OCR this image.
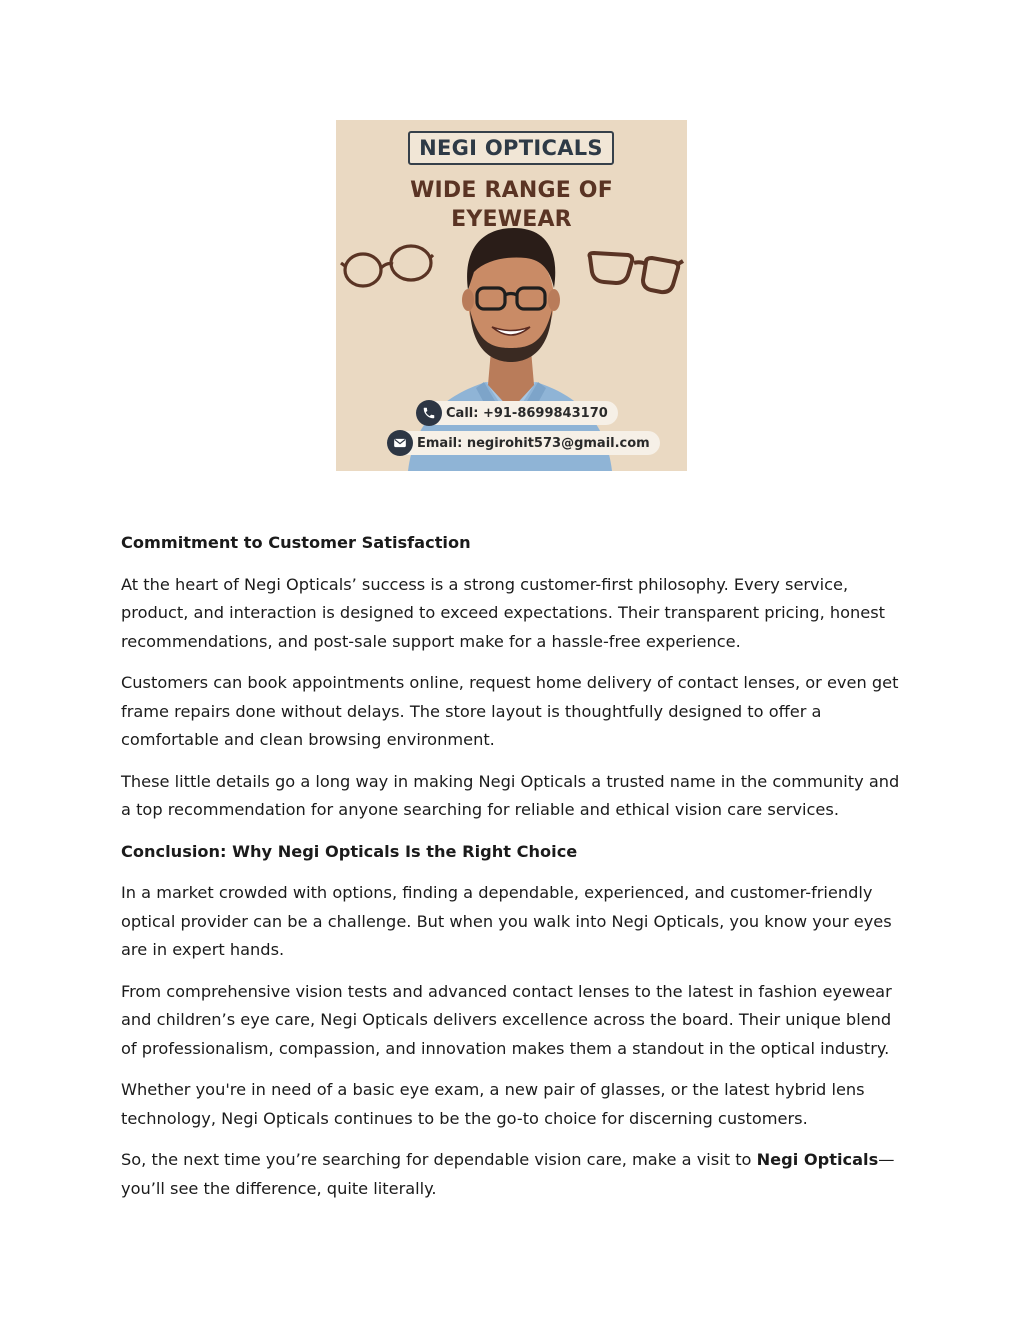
NEGI OPTICALS
WIDE RANGE OF
EYEWEAR
Call: +91-8699843170
Email: negirohit573@gmail.com
Commitment to Customer Satisfaction

At the heart of Negi Opticals’ success is a strong customer-first philosophy. Every service, product, and interaction is designed to exceed expectations. Their transparent pricing, honest recommendations, and post-sale support make for a hassle-free experience.

Customers can book appointments online, request home delivery of contact lenses, or even get frame repairs done without delays. The store layout is thoughtfully designed to offer a comfortable and clean browsing environment.

These little details go a long way in making Negi Opticals a trusted name in the community and a top recommendation for anyone searching for reliable and ethical vision care services.

Conclusion: Why Negi Opticals Is the Right Choice

In a market crowded with options, finding a dependable, experienced, and customer-friendly optical provider can be a challenge. But when you walk into Negi Opticals, you know your eyes are in expert hands.

From comprehensive vision tests and advanced contact lenses to the latest in fashion eyewear and children’s eye care, Negi Opticals delivers excellence across the board. Their unique blend of professionalism, compassion, and innovation makes them a standout in the optical industry.

Whether you're in need of a basic eye exam, a new pair of glasses, or the latest hybrid lens technology, Negi Opticals continues to be the go-to choice for discerning customers.

So, the next time you’re searching for dependable vision care, make a visit to Negi Opticals—you’ll see the difference, quite literally.
